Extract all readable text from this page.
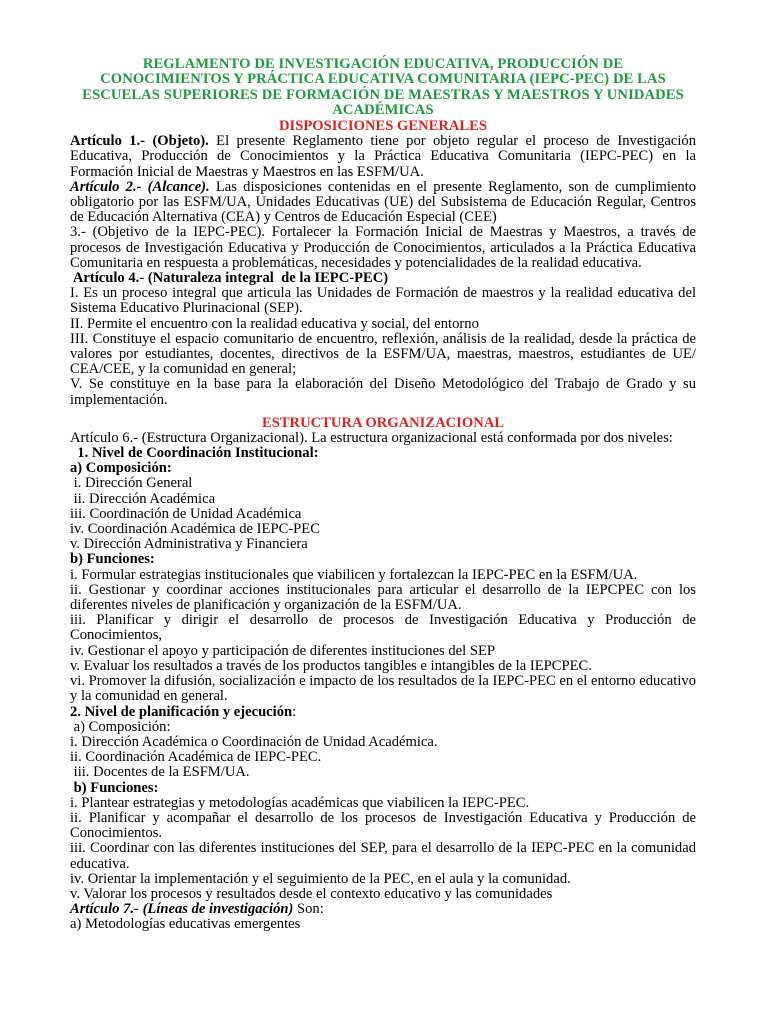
REGLAMENTO DE INVESTIGACIÓN EDUCATIVA, PRODUCCIÓN DE
CONOCIMIENTOS Y PRÁCTICA EDUCATIVA COMUNITARIA (IEPC-PEC) DE LAS
ESCUELAS SUPERIORES DE FORMACIÓN DE MAESTRAS Y MAESTROS Y UNIDADES
ACADÉMICAS
DISPOSICIONES GENERALES
Artículo 1.- (Objeto). El presente Reglamento tiene por objeto regular el proceso de Investigación Educativa, Producción de Conocimientos y la Práctica Educativa Comunitaria (IEPC-PEC) en la Formación Inicial de Maestras y Maestros en las ESFM/UA.
Artículo 2.- (Alcance). Las disposiciones contenidas en el presente Reglamento, son de cumplimiento obligatorio por las ESFM/UA, Unidades Educativas (UE) del Subsistema de Educación Regular, Centros de Educación Alternativa (CEA) y Centros de Educación Especial (CEE)
3.- (Objetivo de la IEPC-PEC). Fortalecer la Formación Inicial de Maestras y Maestros, a través de procesos de Investigación Educativa y Producción de Conocimientos, articulados a la Práctica Educativa Comunitaria en respuesta a problemáticas, necesidades y potencialidades de la realidad educativa.
Artículo 4.- (Naturaleza integral  de la IEPC-PEC)
I. Es un proceso integral que articula las Unidades de Formación de maestros y la realidad educativa del Sistema Educativo Plurinacional (SEP).
II. Permite el encuentro con la realidad educativa y social, del entorno
III. Constituye el espacio comunitario de encuentro, reflexión, análisis de la realidad, desde la práctica de valores por estudiantes, docentes, directivos de la ESFM/UA, maestras, maestros, estudiantes de UE/ CEA/CEE, y la comunidad en general;
V. Se constituye en la base para la elaboración del Diseño Metodológico del Trabajo de Grado y su implementación.
ESTRUCTURA ORGANIZACIONAL
Artículo 6.- (Estructura Organizacional). La estructura organizacional está conformada por dos niveles:
1. Nivel de Coordinación Institucional:
a) Composición:
i. Dirección General
ii. Dirección Académica
iii. Coordinación de Unidad Académica
iv. Coordinación Académica de IEPC-PEC
v. Dirección Administrativa y Financiera
b) Funciones:
i. Formular estrategias institucionales que viabilicen y fortalezcan la IEPC-PEC en la ESFM/UA.
ii. Gestionar y coordinar acciones institucionales para articular el desarrollo de la IEPCPEC con los diferentes niveles de planificación y organización de la ESFM/UA.
iii. Planificar y dirigir el desarrollo de procesos de Investigación Educativa y Producción de Conocimientos,
iv. Gestionar el apoyo y participación de diferentes instituciones del SEP
v. Evaluar los resultados a través de los productos tangibles e intangibles de la IEPCPEC.
vi. Promover la difusión, socialización e impacto de los resultados de la IEPC-PEC en el entorno educativo y la comunidad en general.
2. Nivel de planificación y ejecución:
a) Composición:
i. Dirección Académica o Coordinación de Unidad Académica.
ii. Coordinación Académica de IEPC-PEC.
iii. Docentes de la ESFM/UA.
b) Funciones:
i. Plantear estrategias y metodologías académicas que viabilicen la IEPC-PEC.
ii. Planificar y acompañar el desarrollo de los procesos de Investigación Educativa y Producción de Conocimientos.
iii. Coordinar con las diferentes instituciones del SEP, para el desarrollo de la IEPC-PEC en la comunidad educativa.
iv. Orientar la implementación y el seguimiento de la PEC, en el aula y la comunidad.
v. Valorar los procesos y resultados desde el contexto educativo y las comunidades
Artículo 7.- (Líneas de investigación) Son:
a) Metodologías educativas emergentes
